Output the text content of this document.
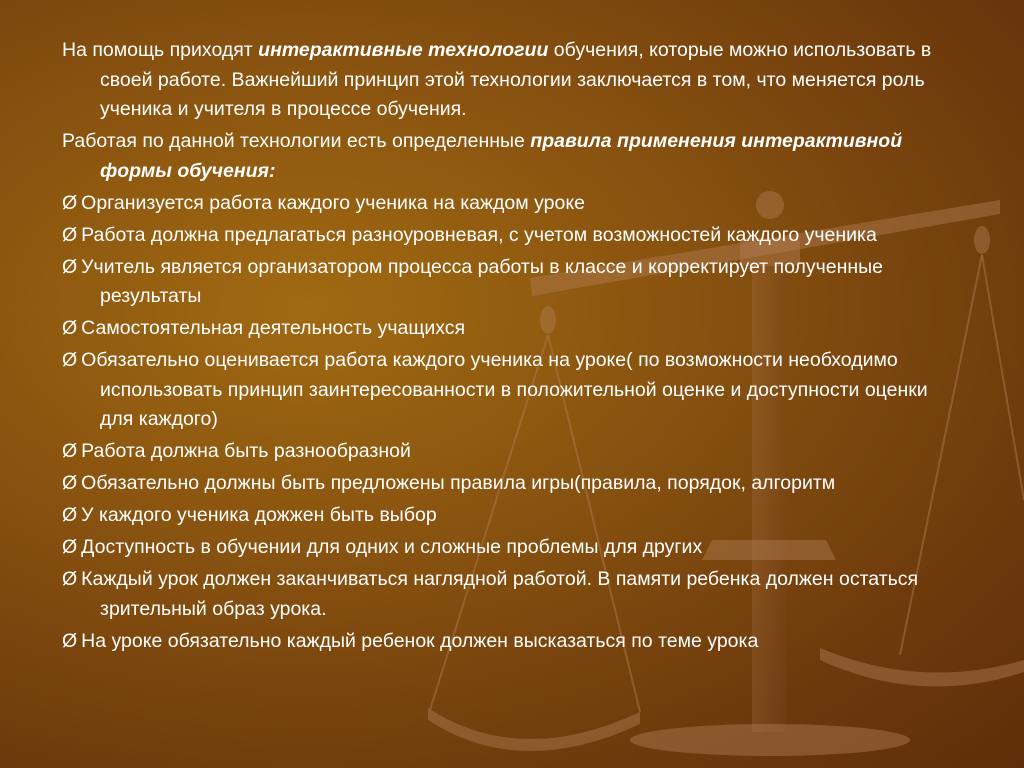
На помощь приходят интерактивные технологии обучения, которые можно использовать в своей работе. Важнейший принцип этой технологии заключается в том, что меняется роль ученика и учителя в процессе обучения.

Работая по данной технологии есть определенные правила применения интерактивной формы обучения:

Ø Организуется работа каждого ученика на каждом уроке

Ø Работа должна предлагаться разноуровневая, с учетом возможностей каждого ученика

Ø Учитель является организатором процесса работы в классе и корректирует полученные результаты

Ø Самостоятельная деятельность учащихся

Ø Обязательно оценивается работа каждого ученика на уроке( по возможности необходимо использовать принцип заинтересованности в положительной оценке и доступности оценки для каждого)

Ø Работа должна быть разнообразной

Ø Обязательно должны быть предложены правила игры(правила, порядок, алгоритм

Ø У каждого ученика дожжен быть выбор

Ø Доступность в обучении для одних и сложные проблемы для других

Ø Каждый урок должен заканчиваться наглядной работой. В памяти ребенка должен остаться зрительный образ урока.

Ø На уроке обязательно каждый ребенок должен высказаться по теме урока
